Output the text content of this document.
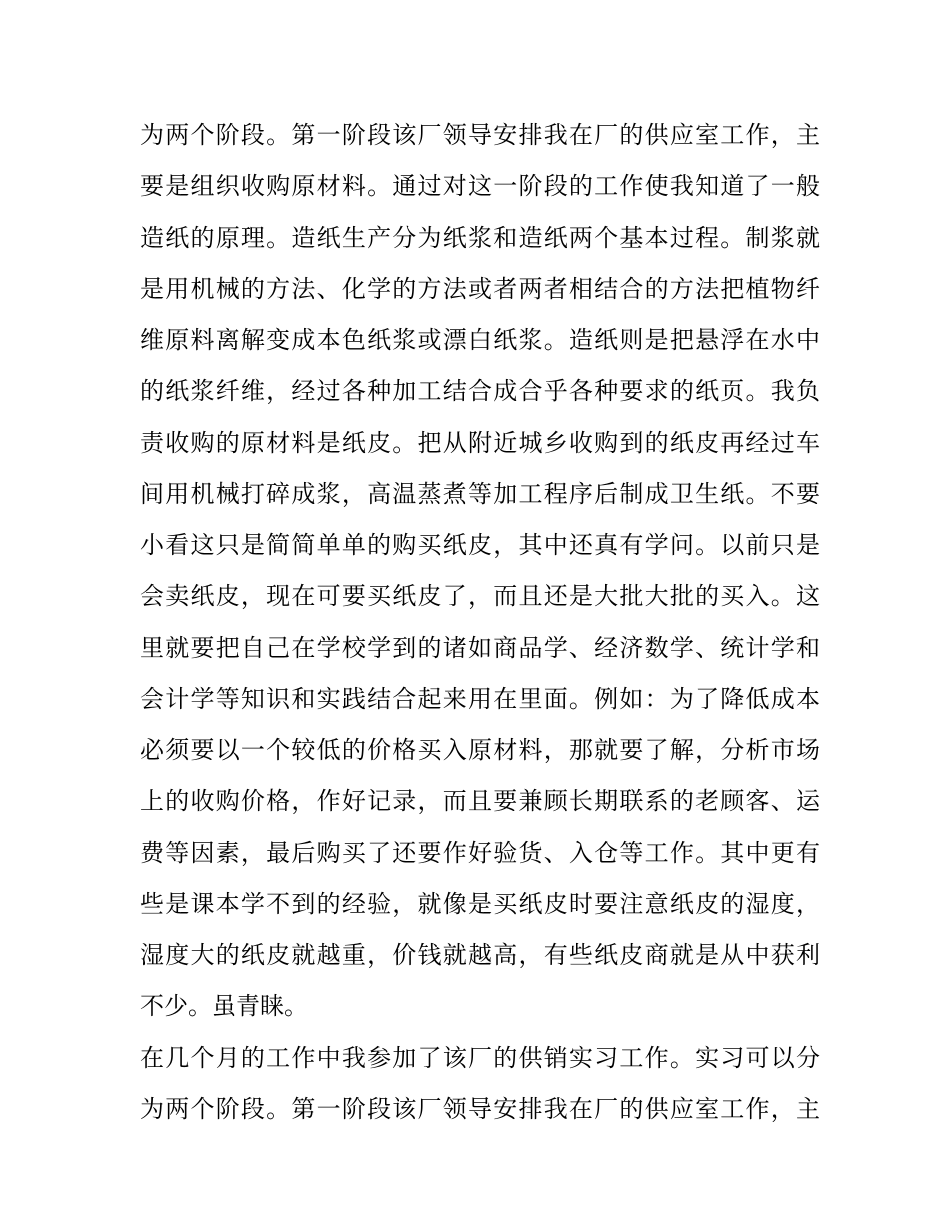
为两个阶段。第一阶段该厂领导安排我在厂的供应室工作，主
要是组织收购原材料。通过对这一阶段的工作使我知道了一般
造纸的原理。造纸生产分为纸浆和造纸两个基本过程。制浆就
是用机械的方法、化学的方法或者两者相结合的方法把植物纤
维原料离解变成本色纸浆或漂白纸浆。造纸则是把悬浮在水中
的纸浆纤维，经过各种加工结合成合乎各种要求的纸页。我负
责收购的原材料是纸皮。把从附近城乡收购到的纸皮再经过车
间用机械打碎成浆，高温蒸煮等加工程序后制成卫生纸。不要
小看这只是简简单单的购买纸皮，其中还真有学问。以前只是
会卖纸皮，现在可要买纸皮了，而且还是大批大批的买入。这
里就要把自己在学校学到的诸如商品学、经济数学、统计学和
会计学等知识和实践结合起来用在里面。例如：为了降低成本
必须要以一个较低的价格买入原材料，那就要了解，分析市场
上的收购价格，作好记录，而且要兼顾长期联系的老顾客、运
费等因素，最后购买了还要作好验货、入仓等工作。其中更有
些是课本学不到的经验，就像是买纸皮时要注意纸皮的湿度，
湿度大的纸皮就越重，价钱就越高，有些纸皮商就是从中获利
不少。虽青睐。
在几个月的工作中我参加了该厂的供销实习工作。实习可以分
为两个阶段。第一阶段该厂领导安排我在厂的供应室工作，主
